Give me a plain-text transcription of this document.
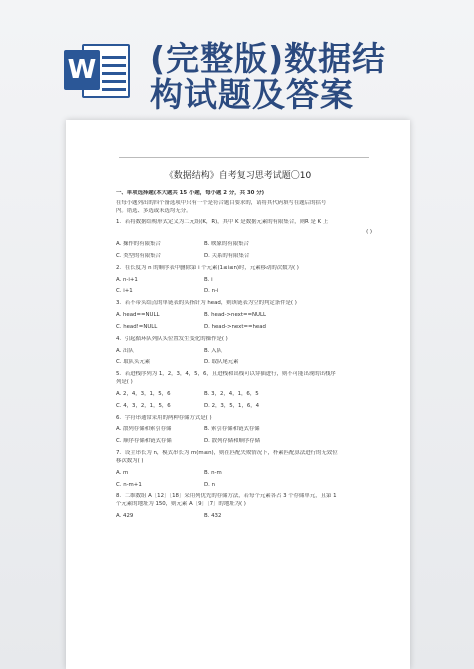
W (完整版)数据结
构试题及答案
《数据结构》自考复习思考试题〇10
一、单项选择题(本大题共 15 小题，每小题 2 分，共 30 分)
在每小题列出的四个备选项中只有一个是符合题目要求的，请将其代码填写在题后的括号
内。错选、多选或未选均无分。
1．若将数据结构形式定义为二元组(K，R)，其中 K 是数据元素的有限集合，则R 是 K 上
( )
A. 操作的有限集合	B. 映象的有限集合
C. 类型的有限集合	D. 关系的有限集合
2．在长度为 n 的顺序表中删除第 i 个元素(1≤i≤n)时，元素移动的次数为( )
A. n-i+1	B. i
C. i+1	D. n-i
3．若不带头结点的单链表的头指针为 head，则该链表为空的判定条件是( )
A. head==NULL	B. head->next==NULL
C. head!=NULL	D. head->next==head
4．引起循环队列队头位置发生变化的操作是( )
A. 出队	B. 入队
C. 取队头元素	D. 取队尾元素
5．若进栈序列为 1，2，3，4，5，6，且进栈和出栈可以穿插进行，则不可能出现的出栈序
列是( )
A. 2，4，3，1，5，6	B. 3，2，4，1，6，5
C. 4，3，2，1，5，6	D. 2，3，5，1，6，4
6．字符串通常采用的两种存储方式是( )
A. 散列存储和索引存储	B. 索引存储和链式存储
C. 顺序存储和链式存储	D. 散列存储和顺序存储
7．设主串长为 n，模式串长为 m(m≤n)，则在匹配失败情况下，朴素匹配算法进行的无效位
移次数为( )
A. m	B. n-m
C. n-m+1	D. n
8．二维数组 A［12］［18］采用列优先的存储方法，若每个元素各占 3 个存储单元，且第 1
个元素的地址为 150，则元素 A［9］［7］的地址为( )
A. 429	B. 432
